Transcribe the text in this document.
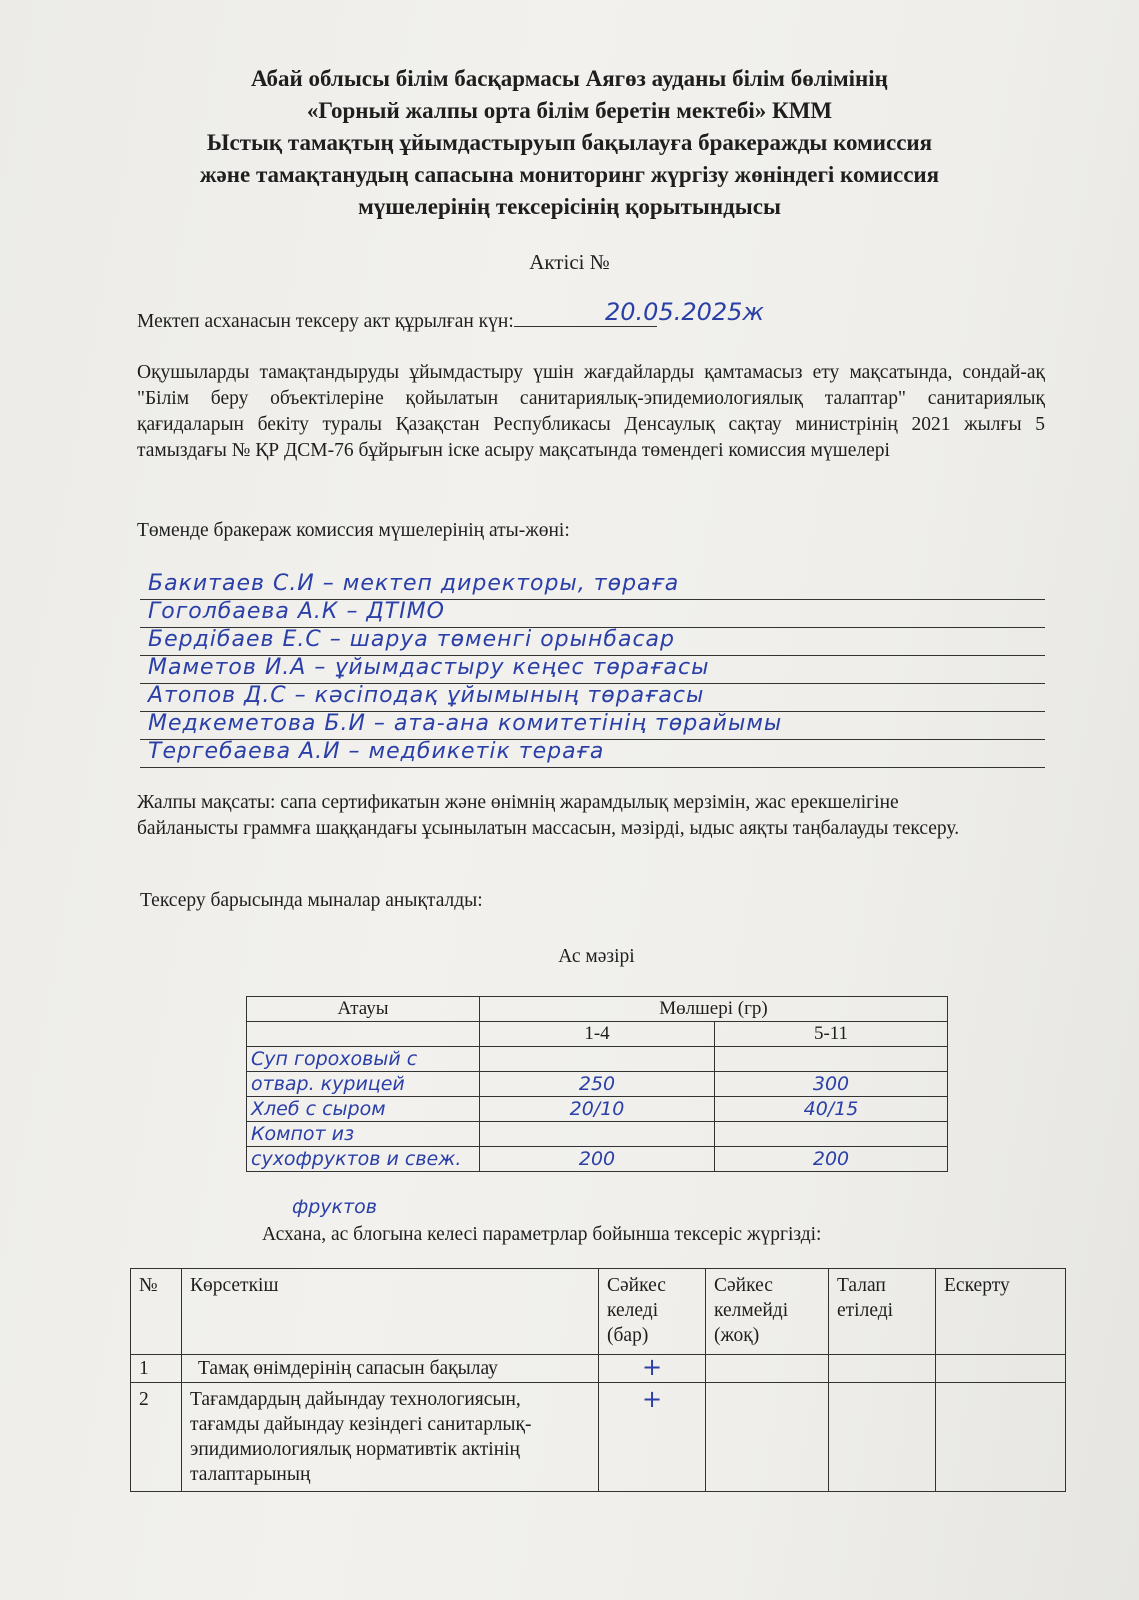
Абай облысы білім басқармасы Аягөз ауданы білім бөлімінің
«Горный жалпы орта білім беретін мектебі» КММ
Ыстық тамақтың ұйымдастыруып бақылауға бракеражды комиссия
және тамақтанудың сапасына мониторинг жүргізу жөніндегі комиссия
мүшелерінің тексерісінің қорытындысы
Актісі №
Мектеп асханасын тексеру акт құрылған күн:	20.05.2025ж
Оқушыларды тамақтандыруды ұйымдастыру үшін жағдайларды қамтамасыз ету мақсатында, сондай-ақ "Білім беру объектілеріне қойылатын санитариялық-эпидемиологиялық талаптар" санитариялық қағидаларын бекіту туралы Қазақстан Республикасы Денсаулық сақтау министрінің 2021 жылғы 5 тамыздағы № ҚР ДСМ-76 бұйрығын іске асыру мақсатында төмендегі комиссия мүшелері
Төменде бракераж комиссия мүшелерінің аты-жөні:
Бакитаев С.И – мектеп директоры, төраға
Гоголбаева А.К – ДТІМО
Бердібаев Е.С – шаруа төменгі орынбасар
Маметов И.А – ұйымдастыру кеңес төрағасы
Атопов Д.С – кәсіподақ ұйымының төрағасы
Медкеметова Б.И – ата-ана комитетінің төрайымы
Тергебаева А.И – медбикетік тераға
Жалпы мақсаты: сапа сертификатын және өнімнің жарамдылық мерзімін, жас ерекшелігіне байланысты граммға шаққандағы ұсынылатын массасын, мәзірді, ыдыс аяқты таңбалауды тексеру.
Тексеру барысында мыналар анықталды:
Ас мәзірі
Атауы	Мөлшері (гр)	
	1-4	5-11
Суп гороховый с		
отвар. курицей	250	300
Хлеб с сыром	20/10	40/15
Компот из		
сухофруктов и свеж.	200	200
фруктов
Асхана, ас блогына келесі параметрлар бойынша тексеріс жүргізді:
№	Көрсеткіш	Сәйкес келеді (бар)	Сәйкес келмейді (жоқ)	Талап етіледі	Ескерту
1	Тамақ өнімдерінің сапасын бақылау	+			
2	Тағамдардың дайындау технологиясын, тағамды дайындау кезіндегі санитарлық-эпидимиологиялық нормативтік актінің талаптарының	+			
